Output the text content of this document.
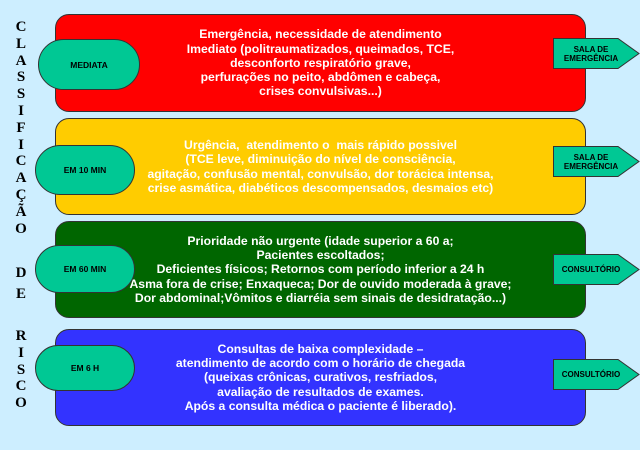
C
L
A
S
S
I
F
I
C
A
Ç
Ã
O
D
E
R
I
S
C
O
Emergência, necessidade de atendimento
Imediato (politraumatizados, queimados, TCE,
desconforto respiratório grave,
perfurações no peito, abdômen e cabeça,
crises convulsivas...)
MEDIATA
SALA DE
EMERGÊNCIA
Urgência,  atendimento o  mais rápido possivel
(TCE leve, diminuição do nível de consciência,
agitação, confusão mental, convulsão, dor torácica intensa,
crise asmática, diabéticos descompensados, desmaios etc)
EM 10 MIN
SALA DE
EMERGÊNCIA
Prioridade não urgente (idade superior a 60 a;
Pacientes escoltados;
Deficientes físicos; Retornos com período inferior a 24 h
Asma fora de crise; Enxaqueca; Dor de ouvido moderada à grave;
Dor abdominal;Vômitos e diarréia sem sinais de desidratação...)
EM 60 MIN	CONSULTÓRIO
Consultas de baixa complexidade –
atendimento de acordo com o horário de chegada
(queixas crônicas, curativos, resfriados,
avaliação de resultados de exames.
Após a consulta médica o paciente é liberado).
EM 6 H
CONSULTÓRIO
